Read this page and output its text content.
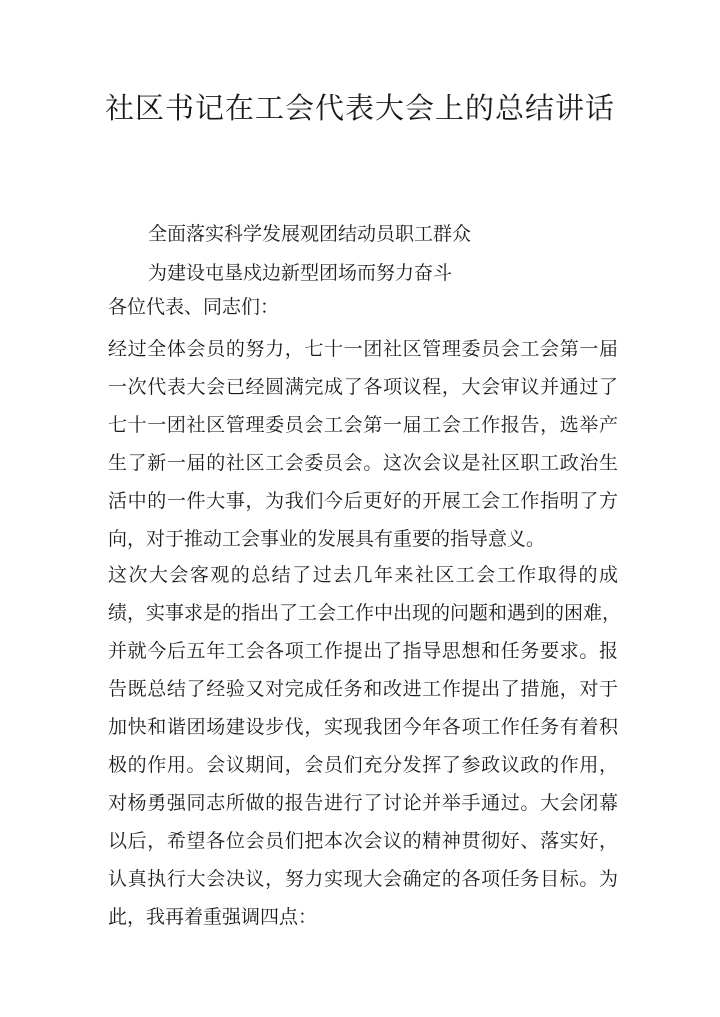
社区书记在工会代表大会上的总结讲话

全面落实科学发展观团结动员职工群众

为建设屯垦戍边新型团场而努力奋斗

各位代表、同志们：

经过全体会员的努力，七十一团社区管理委员会工会第一届
一次代表大会已经圆满完成了各项议程，大会审议并通过了
七十一团社区管理委员会工会第一届工会工作报告，选举产
生了新一届的社区工会委员会。这次会议是社区职工政治生
活中的一件大事，为我们今后更好的开展工会工作指明了方
向，对于推动工会事业的发展具有重要的指导意义。
这次大会客观的总结了过去几年来社区工会工作取得的成
绩，实事求是的指出了工会工作中出现的问题和遇到的困难，
并就今后五年工会各项工作提出了指导思想和任务要求。报
告既总结了经验又对完成任务和改进工作提出了措施，对于
加快和谐团场建设步伐，实现我团今年各项工作任务有着积
极的作用。会议期间，会员们充分发挥了参政议政的作用，
对杨勇强同志所做的报告进行了讨论并举手通过。大会闭幕
以后，希望各位会员们把本次会议的精神贯彻好、落实好，
认真执行大会决议，努力实现大会确定的各项任务目标。为
此，我再着重强调四点：
